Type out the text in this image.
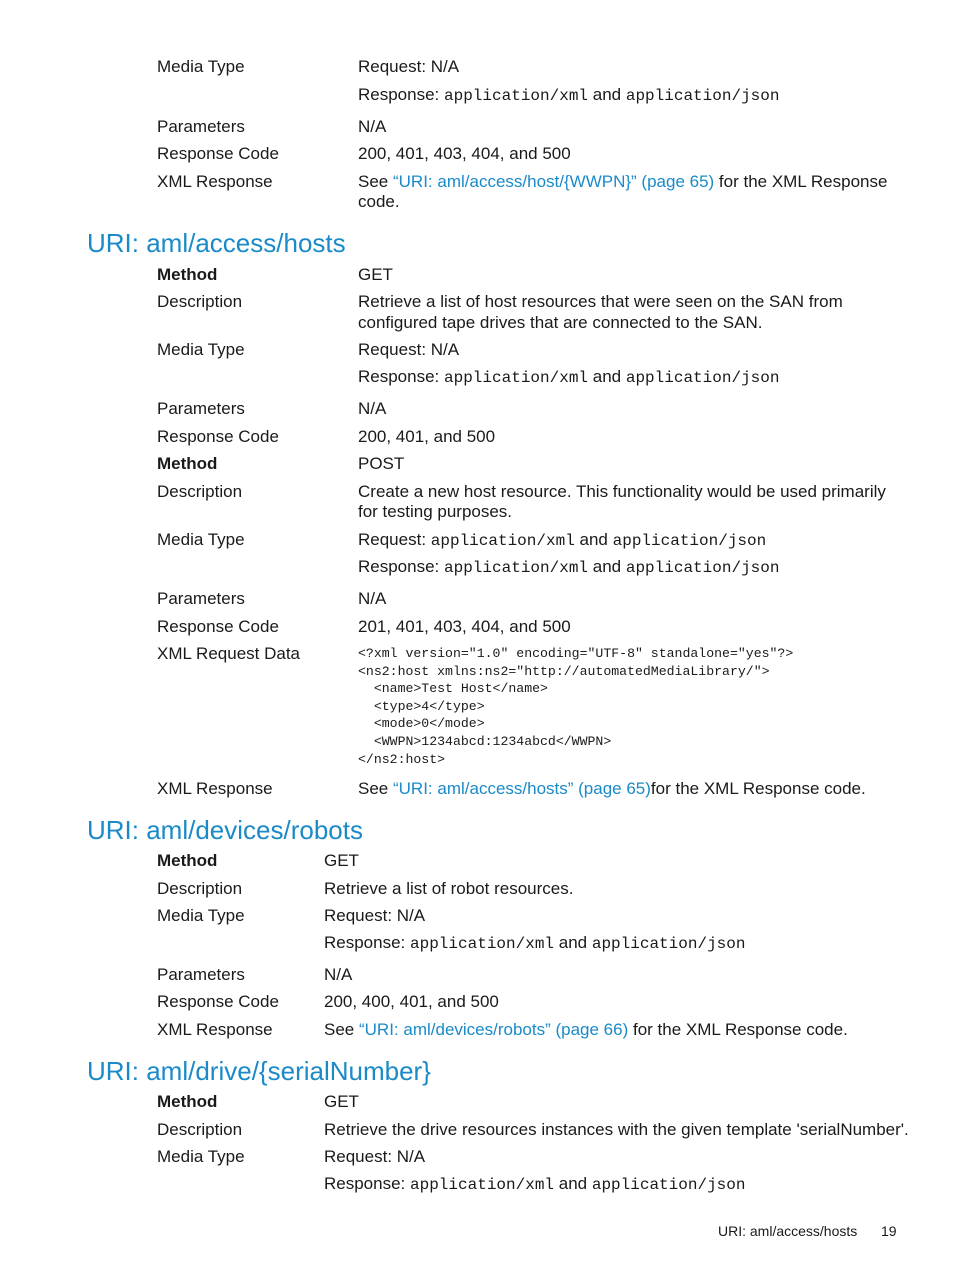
Media Type	Request: N/A
Response: application/xml and application/json
Parameters	N/A
Response Code	200, 401, 403, 404, and 500
XML Response	See “URI: aml/access/host/{WWPN}” (page 65) for the XML Response
code.
URI: aml/access/hosts
Method	GET
Description	Retrieve a list of host resources that were seen on the SAN from
configured tape drives that are connected to the SAN.
Media Type	Request: N/A
Response: application/xml and application/json
Parameters	N/A
Response Code	200, 401, and 500
Method	POST
Description	Create a new host resource. This functionality would be used primarily
for testing purposes.
Media Type	Request: application/xml and application/json
Response: application/xml and application/json
Parameters	N/A
Response Code	201, 401, 403, 404, and 500
XML Request Data	<?xml version="1.0" encoding="UTF-8" standalone="yes"?>
<ns2:host xmlns:ns2="http://automatedMediaLibrary/">
<name>Test Host</name>
<type>4</type>
<mode>0</mode>
<WWPN>1234abcd:1234abcd</WWPN>
</ns2:host>
XML Response	See “URI: aml/access/hosts” (page 65)for the XML Response code.
URI: aml/devices/robots
Method	GET
Description	Retrieve a list of robot resources.
Media Type	Request: N/A
Response: application/xml and application/json
Parameters	N/A
Response Code	200, 400, 401, and 500
XML Response	See “URI: aml/devices/robots” (page 66) for the XML Response code.
URI: aml/drive/{serialNumber}
Method	GET
Description	Retrieve the drive resources instances with the given template 'serialNumber'.
Media Type	Request: N/A
Response: application/xml and application/json
URI: aml/access/hosts 19
